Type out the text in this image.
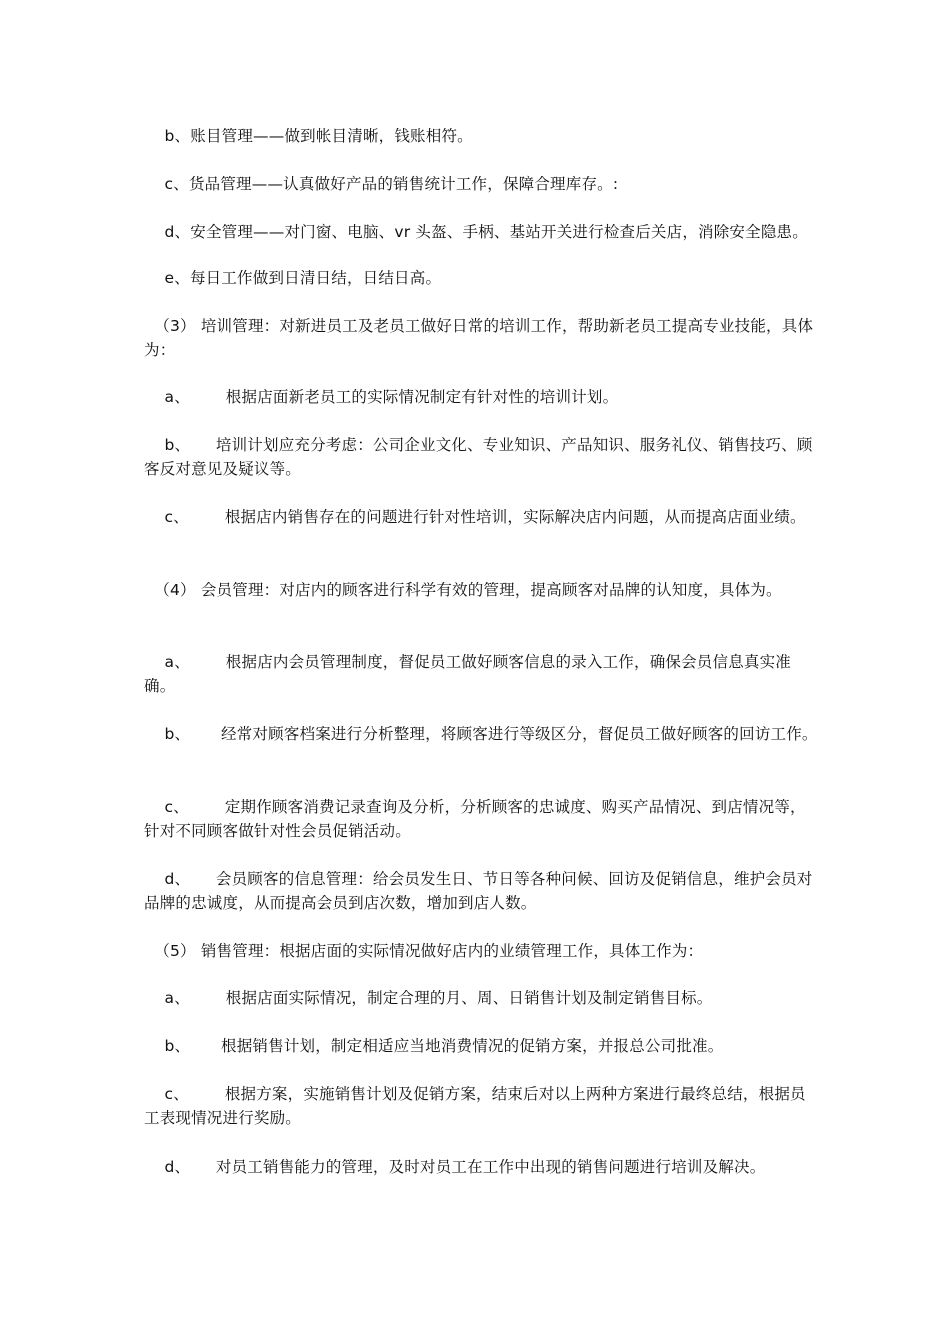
b、账目管理——做到帐目清晰，钱账相符。
c、货品管理——认真做好产品的销售统计工作，保障合理库存。:
d、安全管理——对门窗、电脑、vr 头盔、手柄、基站开关进行检查后关店，消除安全隐患。
e、每日工作做到日清日结，日结日高。
（3） 培训管理：对新进员工及老员工做好日常的培训工作，帮助新老员工提高专业技能，具体为：
a、       根据店面新老员工的实际情况制定有针对性的培训计划。
b、     培训计划应充分考虑：公司企业文化、专业知识、产品知识、服务礼仪、销售技巧、顾客反对意见及疑议等。
c、       根据店内销售存在的问题进行针对性培训，实际解决店内问题，从而提高店面业绩。
（4） 会员管理：对店内的顾客进行科学有效的管理，提高顾客对品牌的认知度，具体为。
a、       根据店内会员管理制度，督促员工做好顾客信息的录入工作，确保会员信息真实准确。
b、      经常对顾客档案进行分析整理，将顾客进行等级区分，督促员工做好顾客的回访工作。
c、       定期作顾客消费记录查询及分析，分析顾客的忠诚度、购买产品情况、到店情况等，针对不同顾客做针对性会员促销活动。
d、     会员顾客的信息管理：给会员发生日、节日等各种问候、回访及促销信息，维护会员对品牌的忠诚度，从而提高会员到店次数，增加到店人数。
（5） 销售管理：根据店面的实际情况做好店内的业绩管理工作，具体工作为：
a、       根据店面实际情况，制定合理的月、周、日销售计划及制定销售目标。
b、      根据销售计划，制定相适应当地消费情况的促销方案，并报总公司批准。
c、       根据方案，实施销售计划及促销方案，结束后对以上两种方案进行最终总结，根据员工表现情况进行奖励。
d、     对员工销售能力的管理，及时对员工在工作中出现的销售问题进行培训及解决。
